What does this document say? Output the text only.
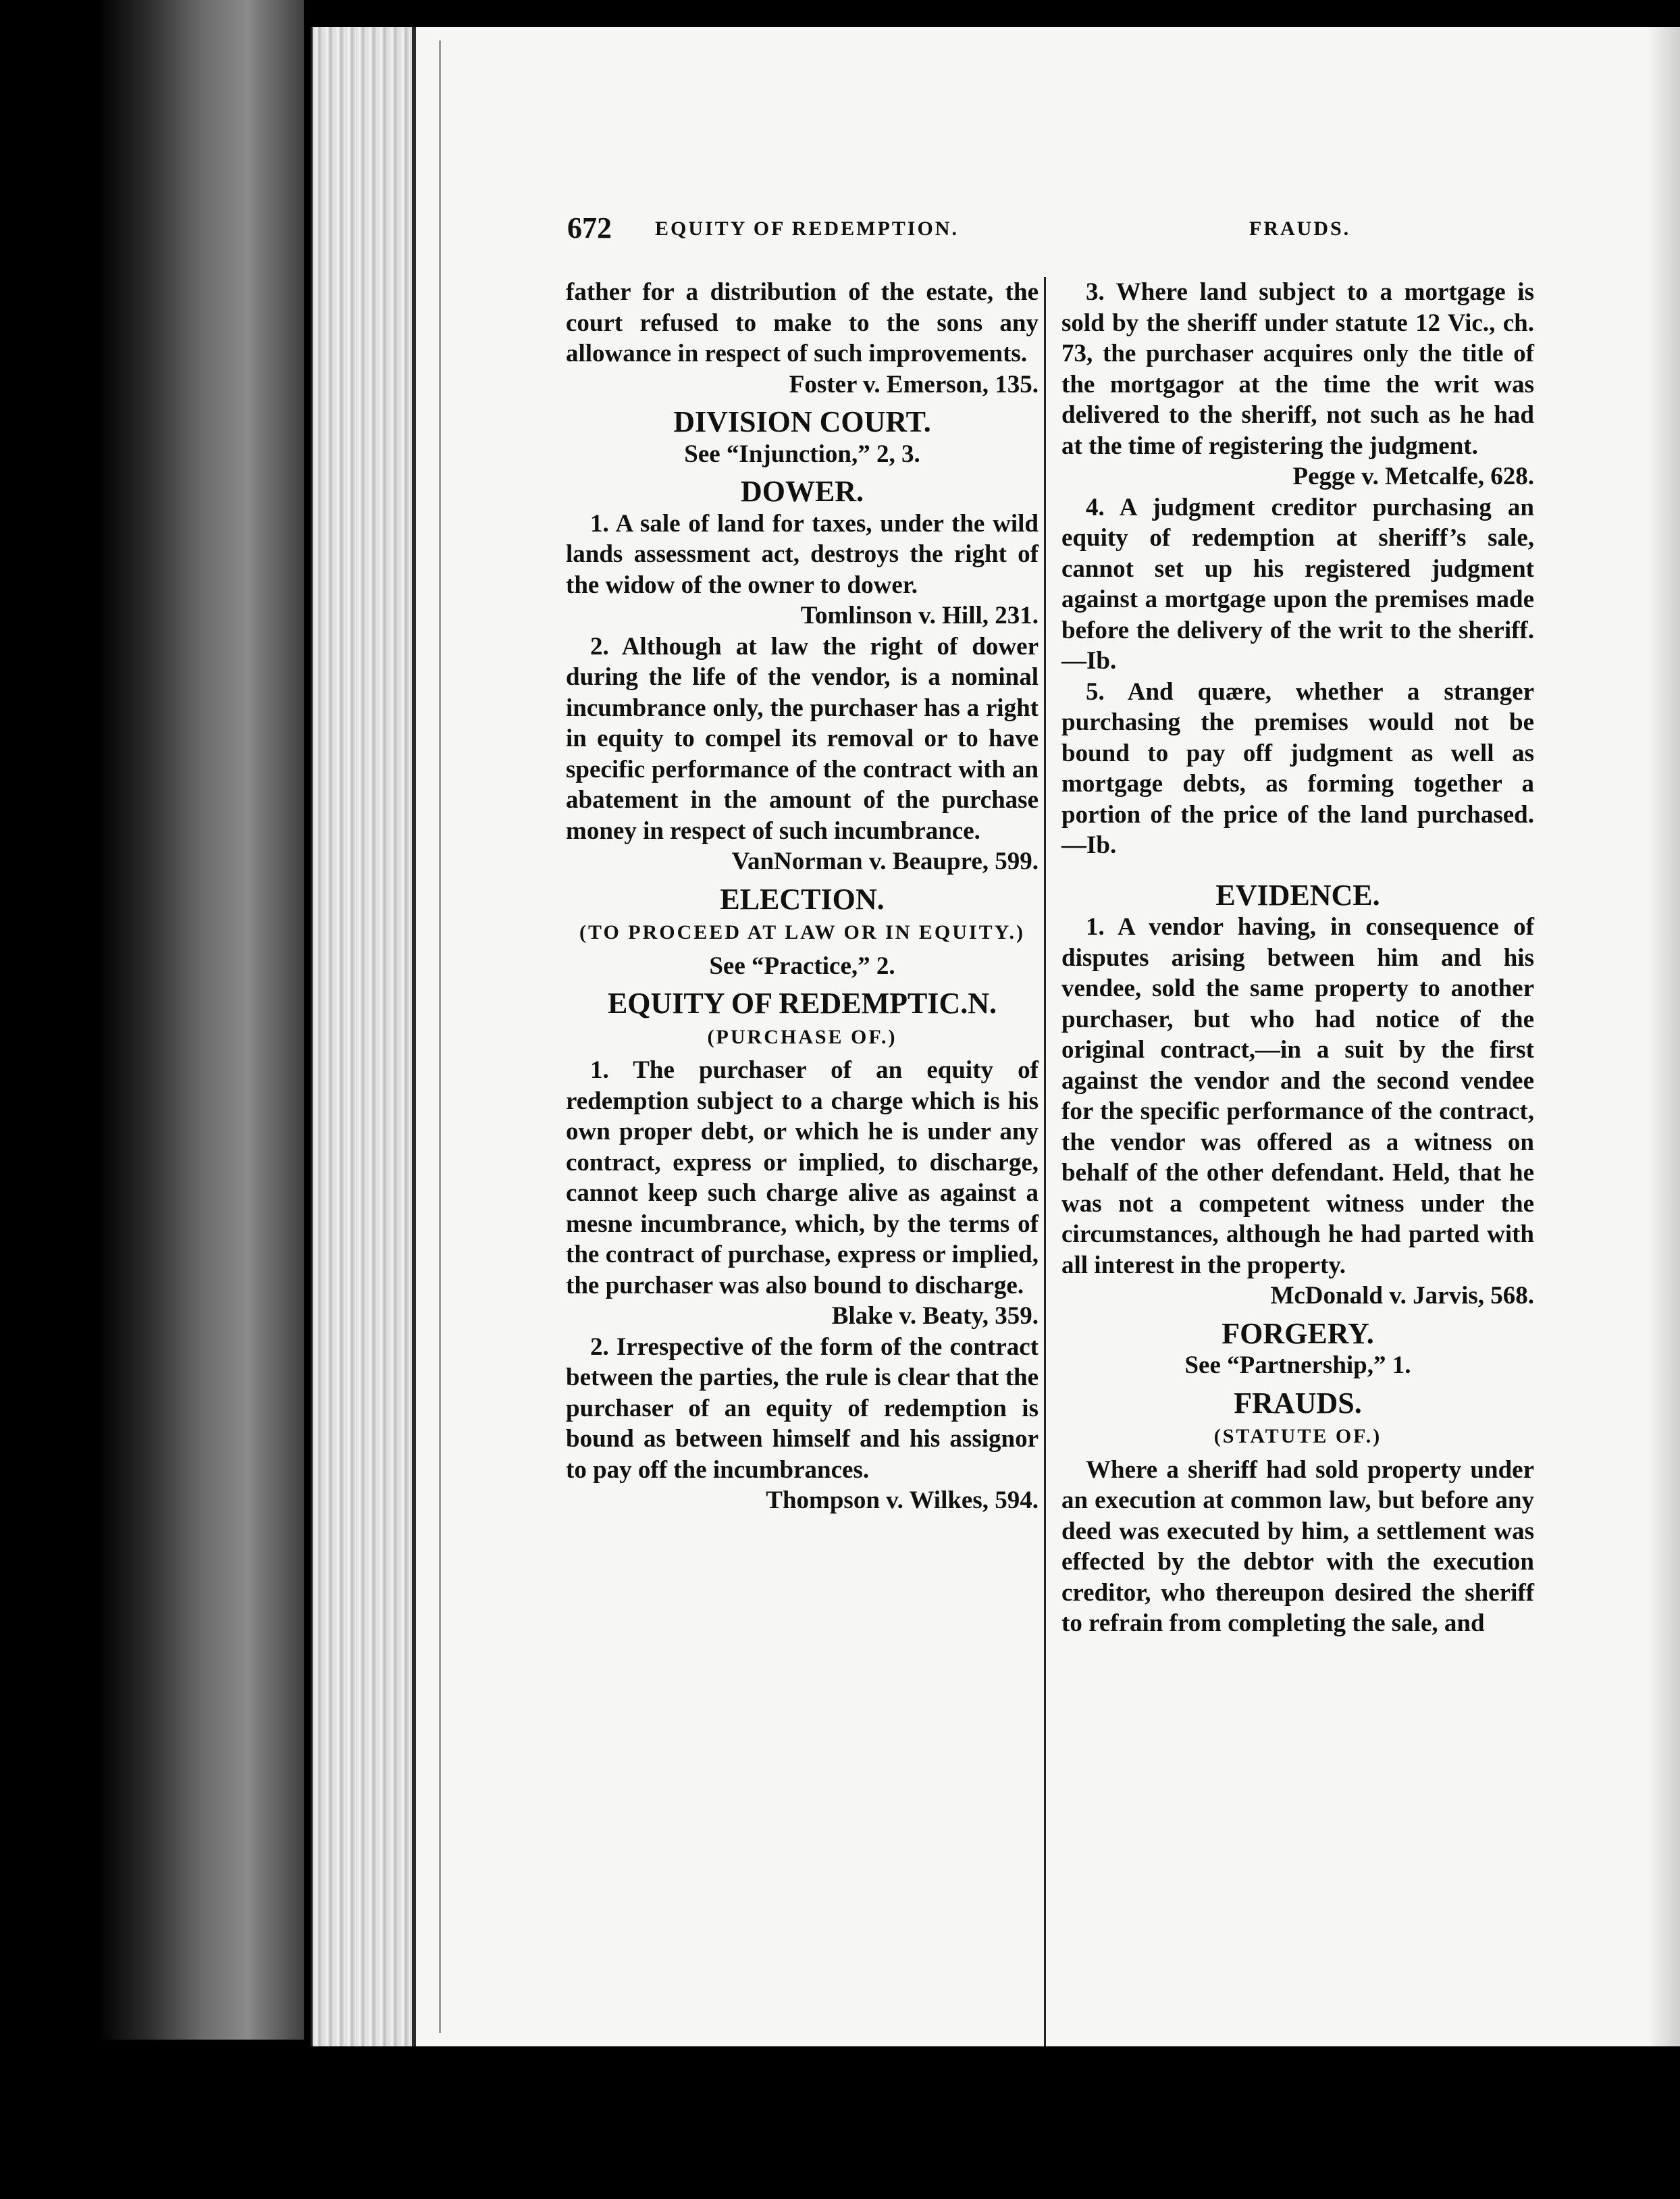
672 EQUITY OF REDEMPTION.	FRAUDS.

father for a distribution of the estate, the court refused to make to the sons any allowance in respect of such improvements.

Foster v. Emerson, 135.

DIVISION COURT.

See “Injunction,” 2, 3.

DOWER.

1. A sale of land for taxes, under the wild lands assessment act, destroys the right of the widow of the owner to dower.

Tomlinson v. Hill, 231.

2. Although at law the right of dower during the life of the vendor, is a nominal incumbrance only, the purchaser has a right in equity to compel its removal or to have specific performance of the contract with an abatement in the amount of the purchase money in respect of such incumbrance.

VanNorman v. Beaupre, 599.

ELECTION.

(TO PROCEED AT LAW OR IN EQUITY.)

See “Practice,” 2.

EQUITY OF REDEMPTIC.N.

(PURCHASE OF.)

1. The purchaser of an equity of redemption subject to a charge which is his own proper debt, or which he is under any contract, express or implied, to discharge, cannot keep such charge alive as against a mesne incumbrance, which, by the terms of the contract of purchase, express or implied, the purchaser was also bound to discharge.

Blake v. Beaty, 359.

2. Irrespective of the form of the contract between the parties, the rule is clear that the purchaser of an equity of redemption is bound as between himself and his assignor to pay off the incumbrances.

Thompson v. Wilkes, 594.

3. Where land subject to a mortgage is sold by the sheriff under statute 12 Vic., ch. 73, the purchaser acquires only the title of the mortgagor at the time the writ was delivered to the sheriff, not such as he had at the time of registering the judgment.

Pegge v. Metcalfe, 628.

4. A judgment creditor purchasing an equity of redemption at sheriff’s sale, cannot set up his registered judgment against a mortgage upon the premises made before the delivery of the writ to the sheriff.—Ib.

5. And quære, whether a stranger purchasing the premises would not be bound to pay off judgment as well as mortgage debts, as forming together a portion of the price of the land purchased.—Ib.

EVIDENCE.

1. A vendor having, in consequence of disputes arising between him and his vendee, sold the same property to another purchaser, but who had notice of the original contract,—in a suit by the first against the vendor and the second vendee for the specific performance of the contract, the vendor was offered as a witness on behalf of the other defendant. Held, that he was not a competent witness under the circumstances, although he had parted with all interest in the property.

McDonald v. Jarvis, 568.

FORGERY.

See “Partnership,” 1.

FRAUDS.

(STATUTE OF.)

Where a sheriff had sold property under an execution at common law, but before any deed was executed by him, a settlement was effected by the debtor with the execution creditor, who thereupon desired the sheriff to refrain from completing the sale, and
